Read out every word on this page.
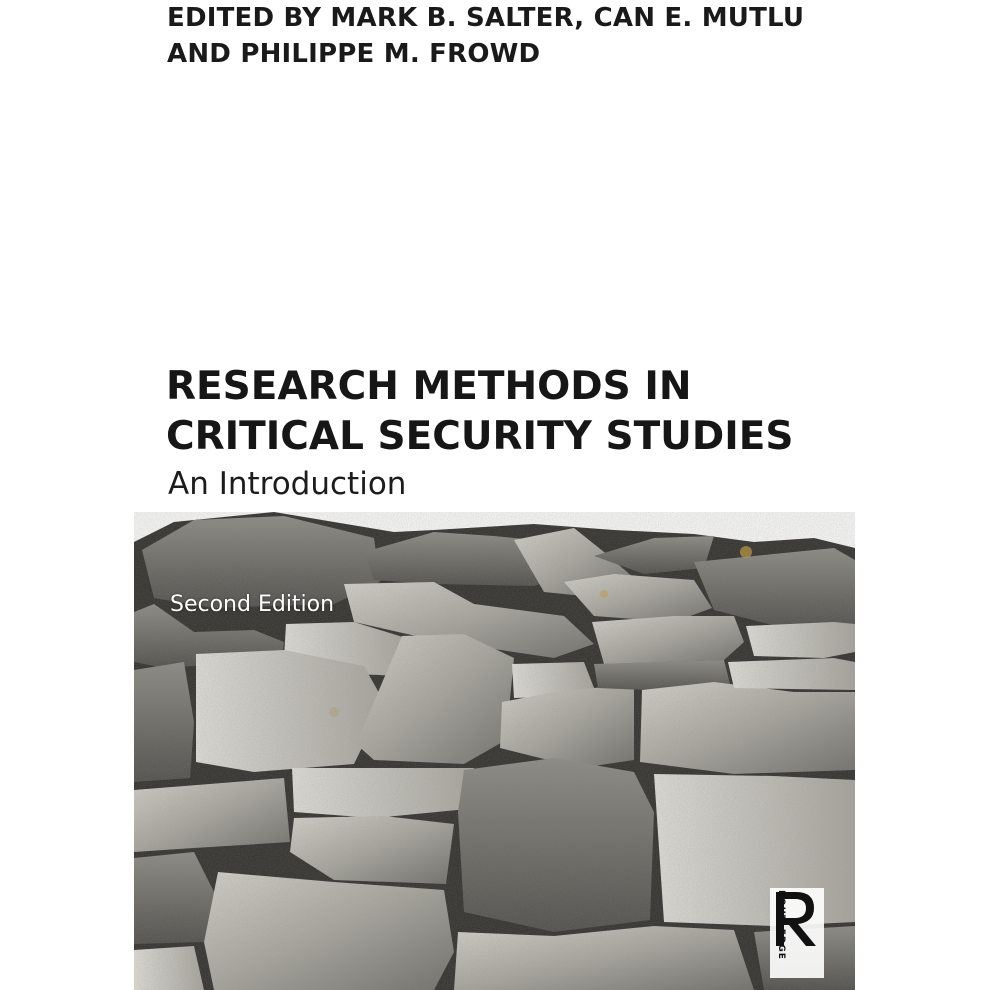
EDITED BY MARK B. SALTER, CAN E. MUTLU
AND PHILIPPE M. FROWD
RESEARCH METHODS IN
CRITICAL SECURITY STUDIES
An Introduction
Second Edition
ROUTLEDGE
